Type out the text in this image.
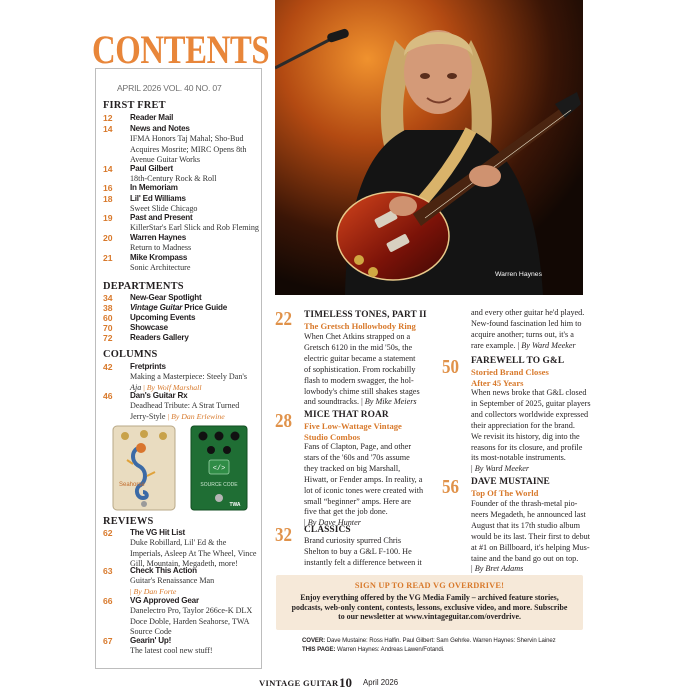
CONTENTS
APRIL 2026 VOL. 40 NO. 07
FIRST FRET
12	Reader Mail
14	News and Notes
IFMA Honors Taj Mahal; Sho-Bud
Acquires Mosrite; MIRC Opens 8th
Avenue Guitar Works
14	Paul Gilbert
18th-Century Rock & Roll
16	In Memoriam
18	Lil' Ed Williams
Sweet Slide Chicago
19	Past and Present
KillerStar's Earl Slick and Rob Fleming
20	Warren Haynes
Return to Madness
21	Mike Krompass
Sonic Architecture
DEPARTMENTS
34 New-Gear Spotlight
38 Vintage Guitar Price Guide
60 Upcoming Events
70 Showcase
72 Readers Gallery
COLUMNS
42	Fretprints
Making a Masterpiece: Steely Dan's
Aja | By Wolf Marshall
46	Dan's Guitar Rx
Deadhead Tribute: A Strat Turned
Jerry-Style | By Dan Erlewine
Seahorse
</>
SOURCE CODE
TWA
REVIEWS
62	The VG Hit List
Duke Robillard, Lil' Ed & the
Imperials, Asleep At The Wheel, Vince
Gill, Mountain, Megadeth, more!
63	Check This Action
Guitar's Renaissance Man
| By Dan Forte
66	VG Approved Gear
Danelectro Pro, Taylor 266ce-K DLX
Doce Doble, Harden Seahorse, TWA
Source Code
67	Gearin' Up!
The latest cool new stuff!
Warren Haynes
22 TIMELESS TONES, PART II
The Gretsch Hollowbody Ring
When Chet Atkins strapped on a
Gretsch 6120 in the mid '50s, the
electric guitar became a statement
of sophistication. From rockabilly
flash to modern swagger, the hol-
lowbody's chime still shakes stages
and soundtracks. | By Mike Meiers
28 MICE THAT ROAR
Five Low-Wattage Vintage
Studio Combos
Fans of Clapton, Page, and other
stars of the '60s and '70s assume
they tracked on big Marshall,
Hiwatt, or Fender amps. In reality, a
lot of iconic tones were created with
small “beginner” amps. Here are
five that get the job done.
| By Dave Hunter
32 CLASSICS
Brand curiosity spurred Chris
Shelton to buy a G&L F-100. He
instantly felt a difference between it
and every other guitar he'd played.
New-found fascination led him to
acquire another; turns out, it's a
rare example. | By Ward Meeker
50 FAREWELL TO G&L
Storied Brand Closes
After 45 Years
When news broke that G&L closed
in September of 2025, guitar players
and collectors worldwide expressed
their appreciation for the brand.
We revisit its history, dig into the
reasons for its closure, and profile
its most-notable instruments.
| By Ward Meeker
56 DAVE MUSTAINE
Top Of The World
Founder of the thrash-metal pio-
neers Megadeth, he announced last
August that its 17th studio album
would be its last. Their first to debut
at #1 on Billboard, it's helping Mus-
taine and the band go out on top.
| By Bret Adams
SIGN UP TO READ VG OVERDRIVE!
Enjoy everything offered by the VG Media Family – archived feature stories,
podcasts, web-only content, contests, lessons, exclusive video, and more. Subscribe
to our newsletter at www.vintageguitar.com/overdrive.
COVER: Dave Mustaine: Ross Halfin. Paul Gilbert: Sam Gehrke. Warren Haynes: Shervin Lainez
THIS PAGE: Warren Haynes: Andreas Lawen/Fotandi.
VINTAGE GUITAR 10 April 2026
